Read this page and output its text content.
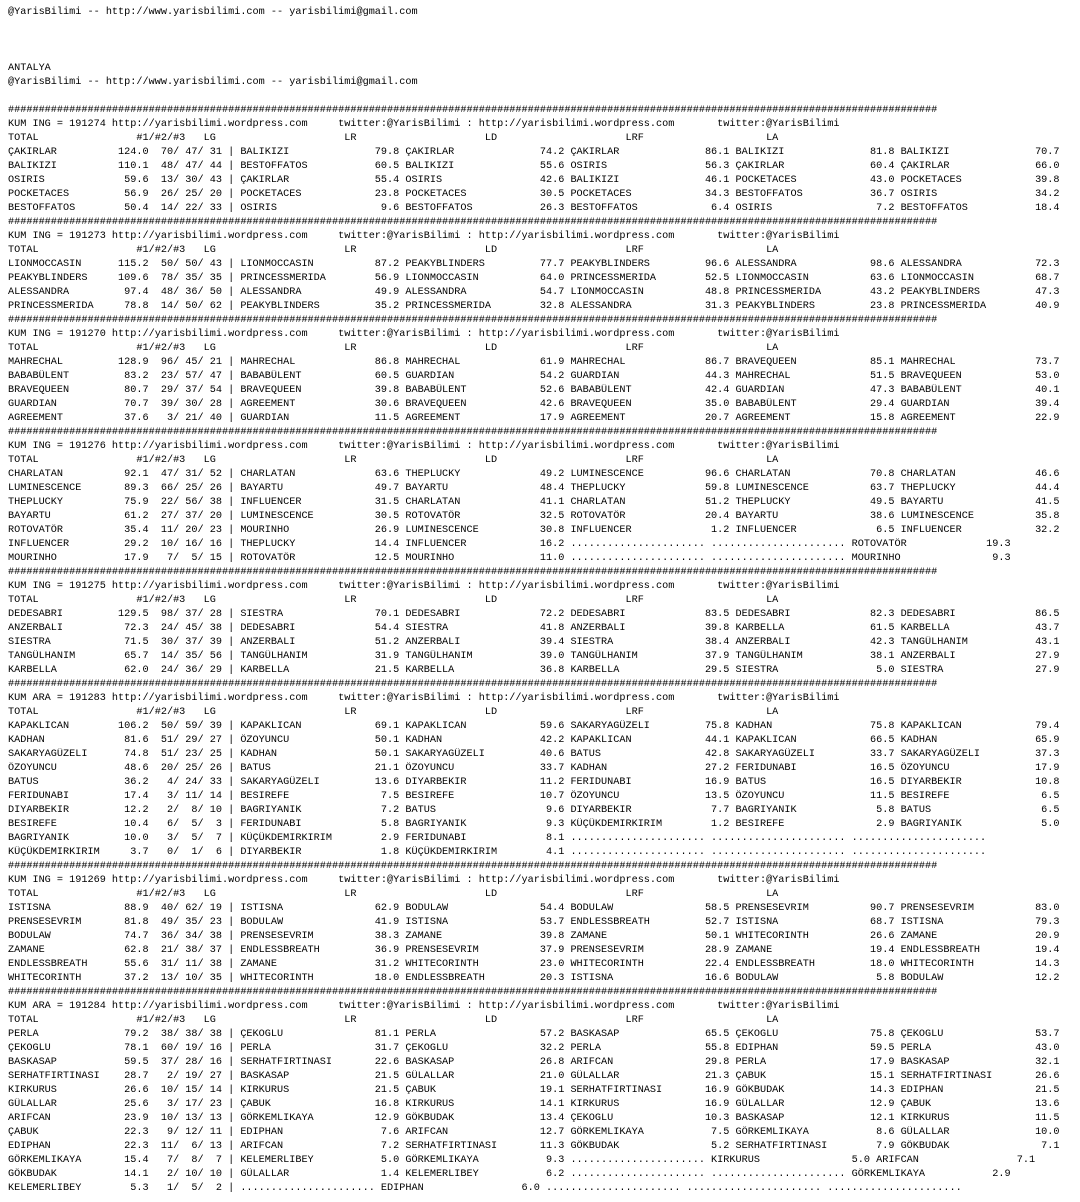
@YarisBilimi -- http://www.yarisbilimi.com -- yarisbilimi@gmail.com

ANTALYA
@YarisBilimi -- http://www.yarisbilimi.com -- yarisbilimi@gmail.com

########################################################################################################################################################
KUM ING = 191274 http://yarisbilimi.wordpress.com     twitter:@YarisBilimi : http://yarisbilimi.wordpress.com       twitter:@YarisBilimi
TOTAL                #1/#2/#3   LG                     LR                     LD                     LRF                    LA
ÇAKIRLAR          124.0  70/ 47/ 31 | BALIKIZI              79.8 ÇAKIRLAR              74.2 ÇAKIRLAR              86.1 BALIKIZI              81.8 BALIKIZI              70.7
BALIKIZI          110.1  48/ 47/ 44 | BESTOFFATOS           60.5 BALIKIZI              55.6 OSIRIS                56.3 ÇAKIRLAR              60.4 ÇAKIRLAR              66.0
OSIRIS             59.6  13/ 30/ 43 | ÇAKIRLAR              55.4 OSIRIS                42.6 BALIKIZI              46.1 POCKETACES            43.0 POCKETACES            39.8
POCKETACES         56.9  26/ 25/ 20 | POCKETACES            23.8 POCKETACES            30.5 POCKETACES            34.3 BESTOFFATOS           36.7 OSIRIS                34.2
BESTOFFATOS        50.4  14/ 22/ 33 | OSIRIS                 9.6 BESTOFFATOS           26.3 BESTOFFATOS            6.4 OSIRIS                 7.2 BESTOFFATOS           18.4
########################################################################################################################################################
KUM ING = 191273 http://yarisbilimi.wordpress.com     twitter:@YarisBilimi : http://yarisbilimi.wordpress.com       twitter:@YarisBilimi
TOTAL                #1/#2/#3   LG                     LR                     LD                     LRF                    LA
LIONMOCCASIN      115.2  50/ 50/ 43 | LIONMOCCASIN          87.2 PEAKYBLINDERS         77.7 PEAKYBLINDERS         96.6 ALESSANDRA            98.6 ALESSANDRA            72.3
PEAKYBLINDERS     109.6  78/ 35/ 35 | PRINCESSMERIDA        56.9 LIONMOCCASIN          64.0 PRINCESSMERIDA        52.5 LIONMOCCASIN          63.6 LIONMOCCASIN          68.7
ALESSANDRA         97.4  48/ 36/ 50 | ALESSANDRA            49.9 ALESSANDRA            54.7 LIONMOCCASIN          48.8 PRINCESSMERIDA        43.2 PEAKYBLINDERS         47.3
PRINCESSMERIDA     78.8  14/ 50/ 62 | PEAKYBLINDERS         35.2 PRINCESSMERIDA        32.8 ALESSANDRA            31.3 PEAKYBLINDERS         23.8 PRINCESSMERIDA        40.9
########################################################################################################################################################
KUM ING = 191270 http://yarisbilimi.wordpress.com     twitter:@YarisBilimi : http://yarisbilimi.wordpress.com       twitter:@YarisBilimi
TOTAL                #1/#2/#3   LG                     LR                     LD                     LRF                    LA
MAHRECHAL         128.9  96/ 45/ 21 | MAHRECHAL             86.8 MAHRECHAL             61.9 MAHRECHAL             86.7 BRAVEQUEEN            85.1 MAHRECHAL             73.7
BABABÜLENT         83.2  23/ 57/ 47 | BABABÜLENT            60.5 GUARDIAN              54.2 GUARDIAN              44.3 MAHRECHAL             51.5 BRAVEQUEEN            53.0
BRAVEQUEEN         80.7  29/ 37/ 54 | BRAVEQUEEN            39.8 BABABÜLENT            52.6 BABABÜLENT            42.4 GUARDIAN              47.3 BABABÜLENT            40.1
GUARDIAN           70.7  39/ 30/ 28 | AGREEMENT             30.6 BRAVEQUEEN            42.6 BRAVEQUEEN            35.0 BABABÜLENT            29.4 GUARDIAN              39.4
AGREEMENT          37.6   3/ 21/ 40 | GUARDIAN              11.5 AGREEMENT             17.9 AGREEMENT             20.7 AGREEMENT             15.8 AGREEMENT             22.9
########################################################################################################################################################
KUM ING = 191276 http://yarisbilimi.wordpress.com     twitter:@YarisBilimi : http://yarisbilimi.wordpress.com       twitter:@YarisBilimi
TOTAL                #1/#2/#3   LG                     LR                     LD                     LRF                    LA
CHARLATAN          92.1  47/ 31/ 52 | CHARLATAN             63.6 THEPLUCKY             49.2 LUMINESCENCE          96.6 CHARLATAN             70.8 CHARLATAN             46.6
LUMINESCENCE       89.3  66/ 25/ 26 | BAYARTU               49.7 BAYARTU               48.4 THEPLUCKY             59.8 LUMINESCENCE          63.7 THEPLUCKY             44.4
THEPLUCKY          75.9  22/ 56/ 38 | INFLUENCER            31.5 CHARLATAN             41.1 CHARLATAN             51.2 THEPLUCKY             49.5 BAYARTU               41.5
BAYARTU            61.2  27/ 37/ 20 | LUMINESCENCE          30.5 ROTOVATÖR             32.5 ROTOVATÖR             20.4 BAYARTU               38.6 LUMINESCENCE          35.8
ROTOVATÖR          35.4  11/ 20/ 23 | MOURINHO              26.9 LUMINESCENCE          30.8 INFLUENCER             1.2 INFLUENCER             6.5 INFLUENCER            32.2
INFLUENCER         29.2  10/ 16/ 16 | THEPLUCKY             14.4 INFLUENCER            16.2 ...................... ...................... ROTOVATÖR             19.3
MOURINHO           17.9   7/  5/ 15 | ROTOVATÖR             12.5 MOURINHO              11.0 ...................... ...................... MOURINHO               9.3
########################################################################################################################################################
KUM ING = 191275 http://yarisbilimi.wordpress.com     twitter:@YarisBilimi : http://yarisbilimi.wordpress.com       twitter:@YarisBilimi
TOTAL                #1/#2/#3   LG                     LR                     LD                     LRF                    LA
DEDESABRI         129.5  98/ 37/ 28 | SIESTRA               70.1 DEDESABRI             72.2 DEDESABRI             83.5 DEDESABRI             82.3 DEDESABRI             86.5
ANZERBALI          72.3  24/ 45/ 38 | DEDESABRI             54.4 SIESTRA               41.8 ANZERBALI             39.8 KARBELLA              61.5 KARBELLA              43.7
SIESTRA            71.5  30/ 37/ 39 | ANZERBALI             51.2 ANZERBALI             39.4 SIESTRA               38.4 ANZERBALI             42.3 TANGÜLHANIM           43.1
TANGÜLHANIM        65.7  14/ 35/ 56 | TANGÜLHANIM           31.9 TANGÜLHANIM           39.0 TANGÜLHANIM           37.9 TANGÜLHANIM           38.1 ANZERBALI             27.9
KARBELLA           62.0  24/ 36/ 29 | KARBELLA              21.5 KARBELLA              36.8 KARBELLA              29.5 SIESTRA                5.0 SIESTRA               27.9
########################################################################################################################################################
KUM ARA = 191283 http://yarisbilimi.wordpress.com     twitter:@YarisBilimi : http://yarisbilimi.wordpress.com       twitter:@YarisBilimi
TOTAL                #1/#2/#3   LG                     LR                     LD                     LRF                    LA
KAPAKLICAN        106.2  50/ 59/ 39 | KAPAKLICAN            69.1 KAPAKLICAN            59.6 SAKARYAGÜZELI         75.8 KADHAN                75.8 KAPAKLICAN            79.4
KADHAN             81.6  51/ 29/ 27 | ÖZOYUNCU              50.1 KADHAN                42.2 KAPAKLICAN            44.1 KAPAKLICAN            66.5 KADHAN                65.9
SAKARYAGÜZELI      74.8  51/ 23/ 25 | KADHAN                50.1 SAKARYAGÜZELI         40.6 BATUS                 42.8 SAKARYAGÜZELI         33.7 SAKARYAGÜZELI         37.3
ÖZOYUNCU           48.6  20/ 25/ 26 | BATUS                 21.1 ÖZOYUNCU              33.7 KADHAN                27.2 FERIDUNABI            16.5 ÖZOYUNCU              17.9
BATUS              36.2   4/ 24/ 33 | SAKARYAGÜZELI         13.6 DIYARBEKIR            11.2 FERIDUNABI            16.9 BATUS                 16.5 DIYARBEKIR            10.8
FERIDUNABI         17.4   3/ 11/ 14 | BESIREFE               7.5 BESIREFE              10.7 ÖZOYUNCU              13.5 ÖZOYUNCU              11.5 BESIREFE               6.5
DIYARBEKIR         12.2   2/  8/ 10 | BAGRIYANIK             7.2 BATUS                  9.6 DIYARBEKIR             7.7 BAGRIYANIK             5.8 BATUS                  6.5
BESIREFE           10.4   6/  5/  3 | FERIDUNABI             5.8 BAGRIYANIK             9.3 KÜÇÜKDEMIRKIRIM        1.2 BESIREFE               2.9 BAGRIYANIK             5.0
BAGRIYANIK         10.0   3/  5/  7 | KÜÇÜKDEMIRKIRIM        2.9 FERIDUNABI             8.1 ...................... ...................... ......................
KÜÇÜKDEMIRKIRIM     3.7   0/  1/  6 | DIYARBEKIR             1.8 KÜÇÜKDEMIRKIRIM        4.1 ...................... ...................... ......................
########################################################################################################################################################
KUM ING = 191269 http://yarisbilimi.wordpress.com     twitter:@YarisBilimi : http://yarisbilimi.wordpress.com       twitter:@YarisBilimi
TOTAL                #1/#2/#3   LG                     LR                     LD                     LRF                    LA
ISTISNA            88.9  40/ 62/ 19 | ISTISNA               62.9 BODULAW               54.4 BODULAW               58.5 PRENSESEVRIM          90.7 PRENSESEVRIM          83.0
PRENSESEVRIM       81.8  49/ 35/ 23 | BODULAW               41.9 ISTISNA               53.7 ENDLESSBREATH         52.7 ISTISNA               68.7 ISTISNA               79.3
BODULAW            74.7  36/ 34/ 38 | PRENSESEVRIM          38.3 ZAMANE                39.8 ZAMANE                50.1 WHITECORINTH          26.6 ZAMANE                20.9
ZAMANE             62.8  21/ 38/ 37 | ENDLESSBREATH         36.9 PRENSESEVRIM          37.9 PRENSESEVRIM          28.9 ZAMANE                19.4 ENDLESSBREATH         19.4
ENDLESSBREATH      55.6  31/ 11/ 38 | ZAMANE                31.2 WHITECORINTH          23.0 WHITECORINTH          22.4 ENDLESSBREATH         18.0 WHITECORINTH          14.3
WHITECORINTH       37.2  13/ 10/ 35 | WHITECORINTH          18.0 ENDLESSBREATH         20.3 ISTISNA               16.6 BODULAW                5.8 BODULAW               12.2
########################################################################################################################################################
KUM ARA = 191284 http://yarisbilimi.wordpress.com     twitter:@YarisBilimi : http://yarisbilimi.wordpress.com       twitter:@YarisBilimi
TOTAL                #1/#2/#3   LG                     LR                     LD                     LRF                    LA
PERLA              79.2  38/ 38/ 38 | ÇEKOGLU               81.1 PERLA                 57.2 BASKASAP              65.5 ÇEKOGLU               75.8 ÇEKOGLU               53.7
ÇEKOGLU            78.1  60/ 19/ 16 | PERLA                 31.7 ÇEKOGLU               32.2 PERLA                 55.8 EDIPHAN               59.5 PERLA                 43.0
BASKASAP           59.5  37/ 28/ 16 | SERHATFIRTINASI       22.6 BASKASAP              26.8 ARIFCAN               29.8 PERLA                 17.9 BASKASAP              32.1
SERHATFIRTINASI    28.7   2/ 19/ 27 | BASKASAP              21.5 GÜLALLAR              21.0 GÜLALLAR              21.3 ÇABUK                 15.1 SERHATFIRTINASI       26.6
KIRKURUS           26.6  10/ 15/ 14 | KIRKURUS              21.5 ÇABUK                 19.1 SERHATFIRTINASI       16.9 GÖKBUDAK              14.3 EDIPHAN               21.5
GÜLALLAR           25.6   3/ 17/ 23 | ÇABUK                 16.8 KIRKURUS              14.1 KIRKURUS              16.9 GÜLALLAR              12.9 ÇABUK                 13.6
ARIFCAN            23.9  10/ 13/ 13 | GÖRKEMLIKAYA          12.9 GÖKBUDAK              13.4 ÇEKOGLU               10.3 BASKASAP              12.1 KIRKURUS              11.5
ÇABUK              22.3   9/ 12/ 11 | EDIPHAN                7.6 ARIFCAN               12.7 GÖRKEMLIKAYA           7.5 GÖRKEMLIKAYA           8.6 GÜLALLAR              10.0
EDIPHAN            22.3  11/  6/ 13 | ARIFCAN                7.2 SERHATFIRTINASI       11.3 GÖKBUDAK               5.2 SERHATFIRTINASI        7.9 GÖKBUDAK               7.1
GÖRKEMLIKAYA       15.4   7/  8/  7 | KELEMERLIBEY           5.0 GÖRKEMLIKAYA           9.3 ...................... KIRKURUS               5.0 ARIFCAN                7.1
GÖKBUDAK           14.1   2/ 10/ 10 | GÜLALLAR               1.4 KELEMERLIBEY           6.2 ...................... ...................... GÖRKEMLIKAYA           2.9
KELEMERLIBEY        5.3   1/  5/  2 | ...................... EDIPHAN                6.0 ...................... ...................... ......................
